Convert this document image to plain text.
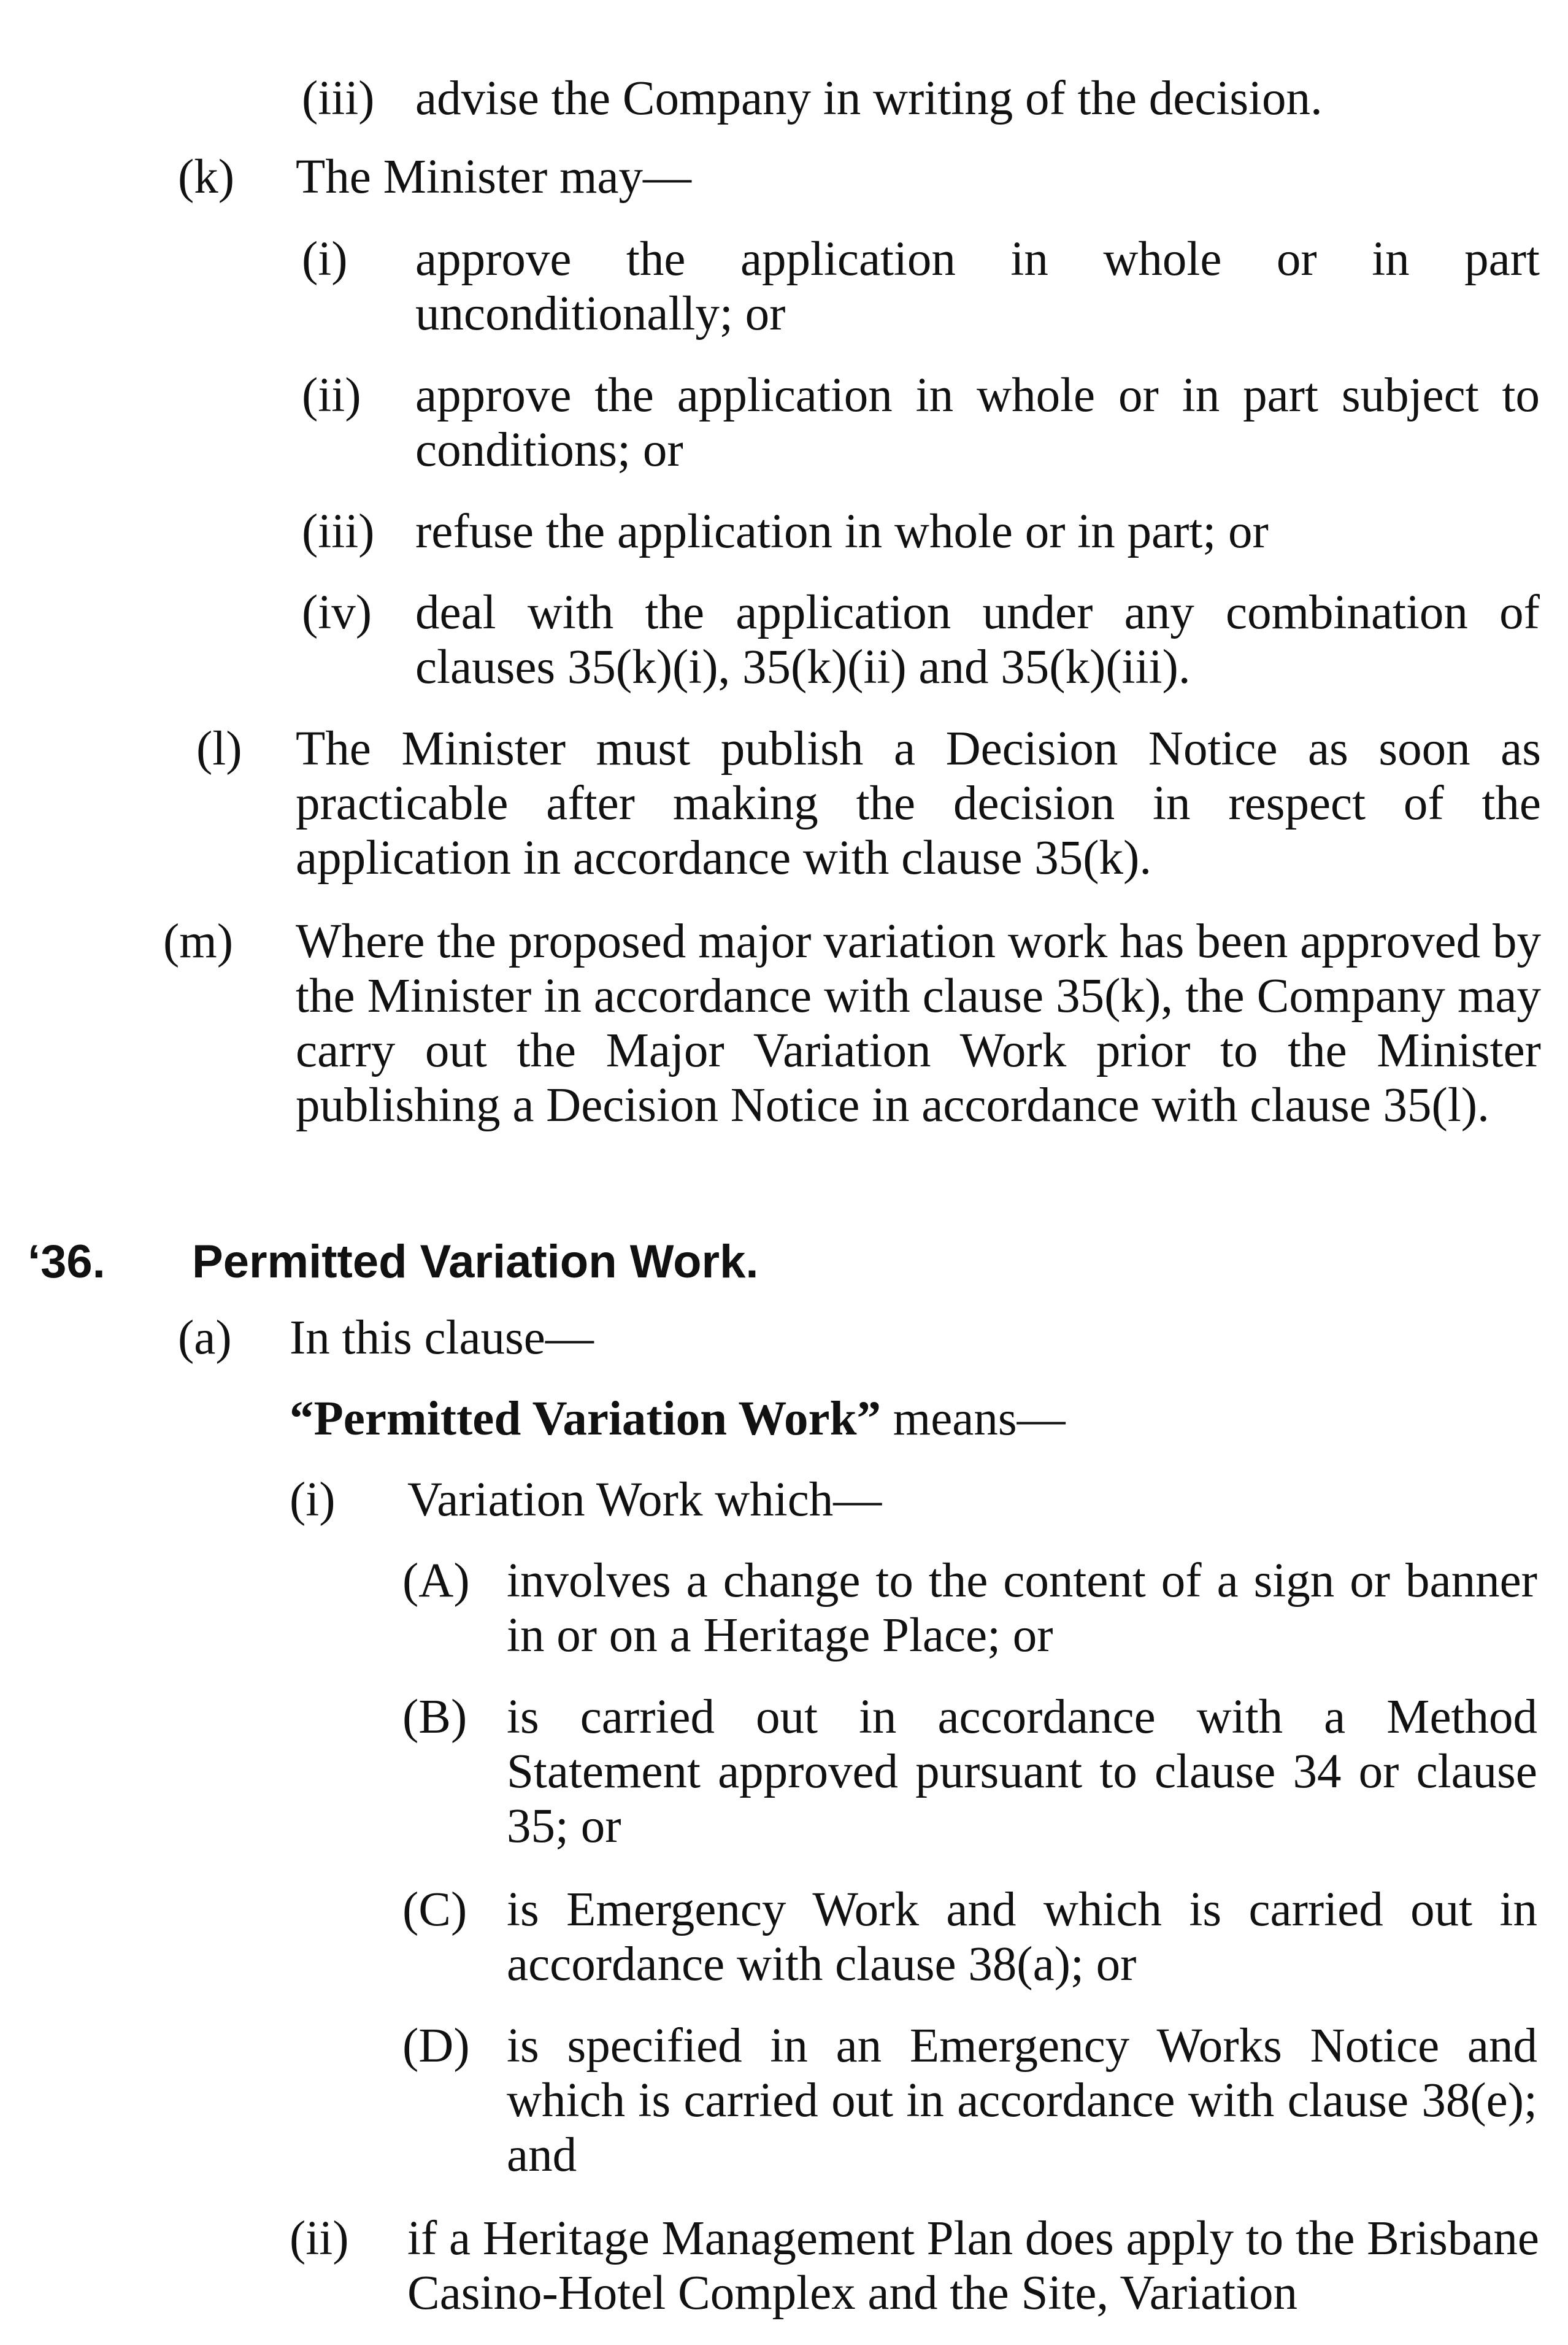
(iii) advise the Company in writing of the decision.
(k) The Minister may—
(i) approve the application in whole or in part unconditionally; or
(ii) approve the application in whole or in part subject to conditions; or
(iii) refuse the application in whole or in part; or
(iv) deal with the application under any combination of clauses 35(k)(i), 35(k)(ii) and 35(k)(iii).
(l) The Minister must publish a Decision Notice as soon as practicable after making the decision in respect of the application in accordance with clause 35(k).
(m) Where the proposed major variation work has been approved by the Minister in accordance with clause 35(k), the Company may carry out the Major Variation Work prior to the Minister publishing a Decision Notice in accordance with clause 35(l).
‘36. Permitted Variation Work.
(a) In this clause—
“Permitted Variation Work” means—
(i) Variation Work which—
(A) involves a change to the content of a sign or banner in or on a Heritage Place; or
(B) is carried out in accordance with a Method Statement approved pursuant to clause 34 or clause 35; or
(C) is Emergency Work and which is carried out in accordance with clause 38(a); or
(D) is specified in an Emergency Works Notice and which is carried out in accordance with clause 38(e); and
(ii) if a Heritage Management Plan does apply to the Brisbane Casino-Hotel Complex and the Site, Variation
